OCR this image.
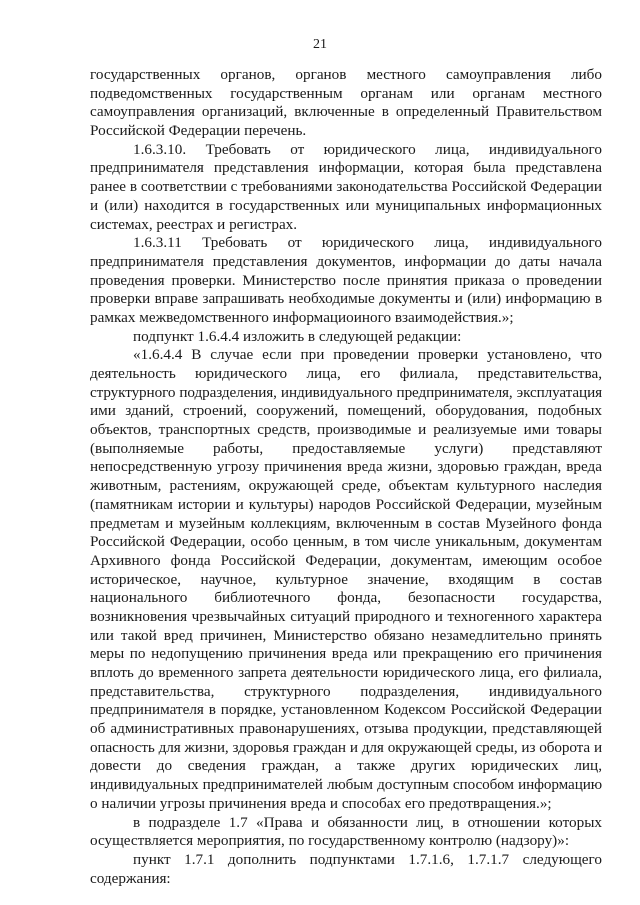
21
государственных органов, органов местного самоуправления либо
подведомственных государственным органам или органам местного
самоуправления организаций, включенные в определенный Правительством
Российской Федерации перечень.
1.6.3.10. Требовать от юридического лица, индивидуального
предпринимателя представления информации, которая была представлена
ранее в соответствии с требованиями законодательства Российской Федерации
и (или) находится в государственных или муниципальных информационных
системах, реестрах и регистрах.
1.6.3.11 Требовать от юридического лица, индивидуального
предпринимателя представления документов, информации до даты начала
проведения проверки. Министерство после принятия приказа о проведении
проверки вправе запрашивать необходимые документы и (или) информацию в
рамках межведомственного информациоиного взаимодействия.»;
подпункт 1.6.4.4 изложить в следующей редакции:
«1.6.4.4 В случае если при проведении проверки установлено, что
деятельность юридического лица, его филиала, представительства,
структурного подразделения, индивидуального предпринимателя, эксплуатация
ими зданий, строений, сооружений, помещений, оборудования, подобных
объектов, транспортных средств, производимые и реализуемые ими товары
(выполняемые работы, предоставляемые услуги) представляют
непосредственную угрозу причинения вреда жизни, здоровью граждан, вреда
животным, растениям, окружающей среде, объектам культурного наследия
(памятникам истории и культуры) народов Российской Федерации, музейным
предметам и музейным коллекциям, включенным в состав Музейного фонда
Российской Федерации, особо ценным, в том числе уникальным, документам
Архивного фонда Российской Федерации, документам, имеющим особое
историческое, научное, культурное значение, входящим в состав
национального библиотечного фонда, безопасности государства,
возникновения чрезвычайных ситуаций природного и техногенного характера
или такой вред причинен, Министерство обязано незамедлительно принять
меры по недопущению причинения вреда или прекращению его причинения
вплоть до временного запрета деятельности юридического лица, его филиала,
представительства, структурного подразделения, индивидуального
предпринимателя в порядке, установленном Кодексом Российской Федерации
об административных правонарушениях, отзыва продукции, представляющей
опасность для жизни, здоровья граждан и для окружающей среды, из оборота и
довести до сведения граждан, а также других юридических лиц,
индивидуальных предпринимателей любым доступным способом информацию
о наличии угрозы причинения вреда и способах его предотвращения.»;
в подразделе 1.7 «Права и обязанности лиц, в отношении которых
осуществляется мероприятия, по государственному контролю (надзору)»:
пункт 1.7.1 дополнить подпунктами 1.7.1.6, 1.7.1.7 следующего
содержания:
